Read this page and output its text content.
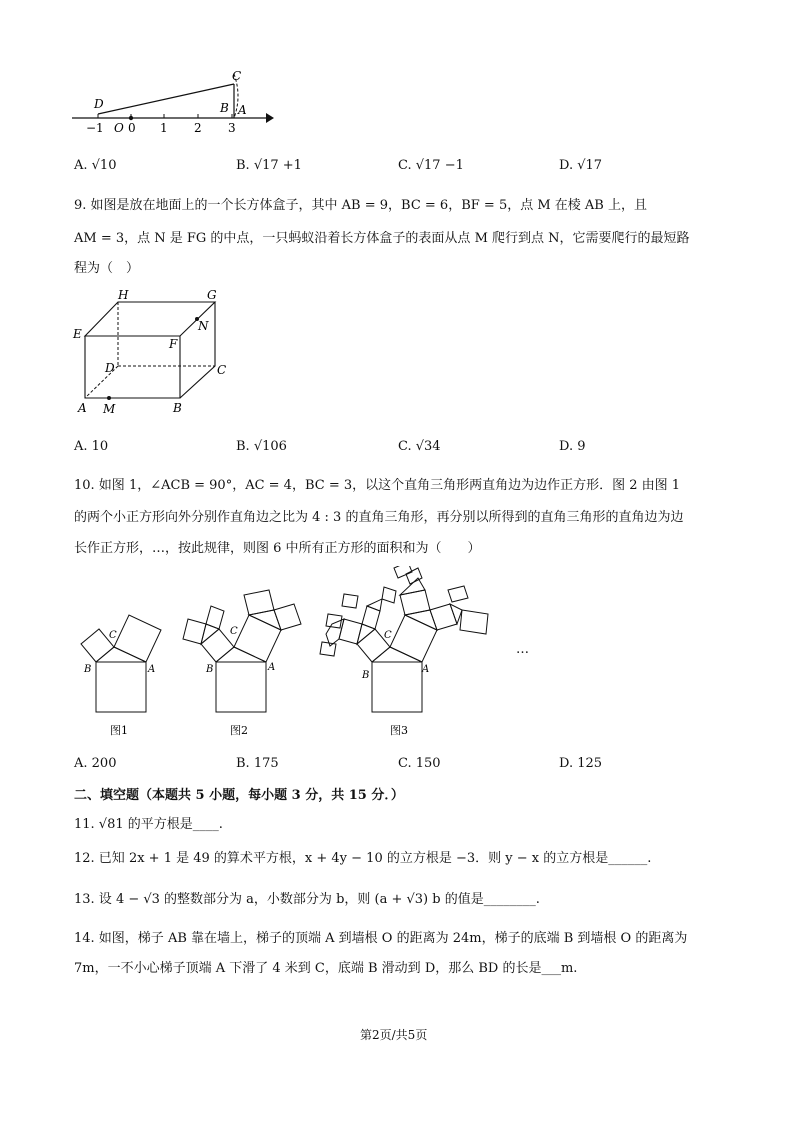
C
D	B A
O
−1 0 1 2 3
A. √10	B. √17 +1	C. √17 −1	D. √17
9. 如图是放在地面上的一个长方体盒子，其中 AB = 9，BC = 6，BF = 5，点 M 在棱 AB 上，且
AM = 3，点 N 是 FG 的中点，一只蚂蚁沿着长方体盒子的表面从点 M 爬行到点 N，它需要爬行的最短路
程为（　）
H	G
E
F
N
D	C
A M	B
A. 10	B. √106	C. √34	D. 9
10. 如图 1，∠ACB = 90°，AC = 4，BC = 3，以这个直角三角形两直角边为边作正方形．图 2 由图 1
的两个小正方形向外分别作直角边之比为 4 : 3 的直角三角形，再分别以所得到的直角三角形的直角边为边
长作正方形，…，按此规律，则图 6 中所有正方形的面积和为（　　）
C
B	A
图1
C
B	A
图2
C
B
A
图3
…
A. 200	B. 175	C. 150	D. 125
二、填空题（本题共 5 小题，每小题 3 分，共 15 分．）
11. √81 的平方根是____.
12. 已知 2x + 1 是 49 的算术平方根，x + 4y − 10 的立方根是 −3．则 y − x 的立方根是______.
13. 设 4 − √3 的整数部分为 a，小数部分为 b，则 (a + √3) b 的值是________.
14. 如图，梯子 AB 靠在墙上，梯子的顶端 A 到墙根 O 的距离为 24m，梯子的底端 B 到墙根 O 的距离为
7m，一不小心梯子顶端 A 下滑了 4 米到 C，底端 B 滑动到 D，那么 BD 的长是___m.
第2页/共5页
